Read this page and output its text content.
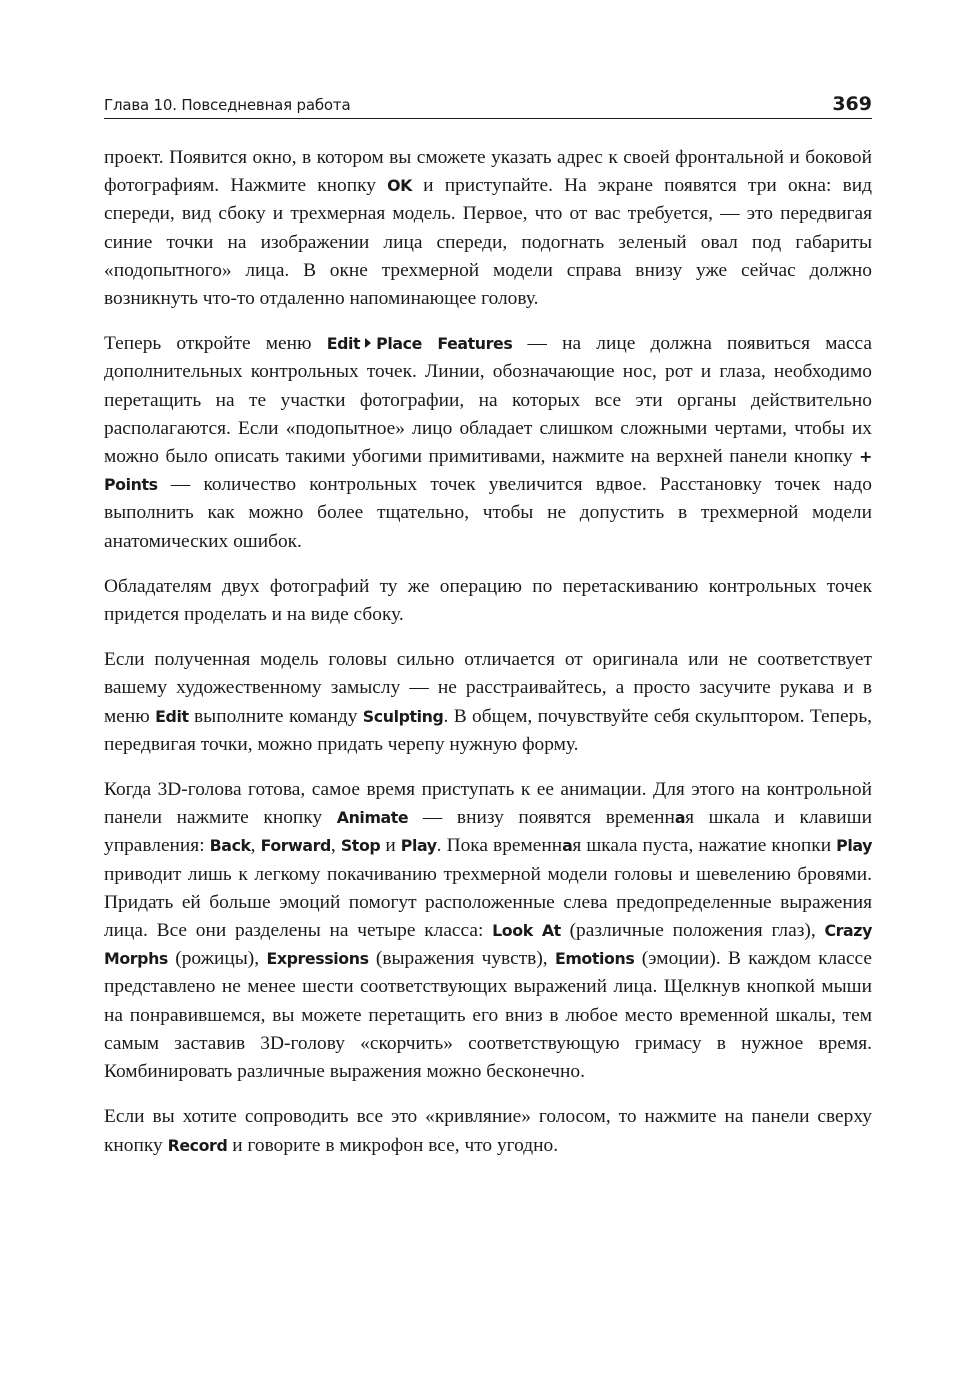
Глава 10. Повседневная работа	369

проект. Появится окно, в котором вы сможете указать адрес к своей фронтальной и боковой фотографиям. Нажмите кнопку OK и приступайте. На экране появятся три окна: вид спереди, вид сбоку и трехмерная модель. Первое, что от вас требуется, — это передвигая синие точки на изображении лица спереди, подогнать зеленый овал под габариты «подопытного» лица. В окне трехмерной модели справа внизу уже сейчас должно возникнуть что-то отдаленно напоминающее голову.

Теперь откройте меню Edit Place Features — на лице должна появиться масса дополнительных контрольных точек. Линии, обозначающие нос, рот и глаза, необходимо перетащить на те участки фотографии, на которых все эти органы действительно располагаются. Если «подопытное» лицо обладает слишком сложными чертами, чтобы их можно было описать такими убогими примитивами, нажмите на верхней панели кнопку + Points — количество контрольных точек увеличится вдвое. Расстановку точек надо выполнить как можно более тщательно, чтобы не допустить в трехмерной модели анатомических ошибок.

Обладателям двух фотографий ту же операцию по перетаскиванию контрольных точек придется проделать и на виде сбоку.

Если полученная модель головы сильно отличается от оригинала или не соответствует вашему художественному замыслу — не расстраивайтесь, а просто засучите рукава и в меню Edit выполните команду Sculpting. В общем, почувствуйте себя скульптором. Теперь, передвигая точки, можно придать черепу нужную форму.

Когда 3D-голова готова, самое время приступать к ее анимации. Для этого на контрольной панели нажмите кнопку Animate — внизу появятся временная шкала и клавиши управления: Back, Forward, Stop и Play. Пока временная шкала пуста, нажатие кнопки Play приводит лишь к легкому покачиванию трехмерной модели головы и шевелению бровями. Придать ей больше эмоций помогут расположенные слева предопределенные выражения лица. Все они разделены на четыре класса: Look At (различные положения глаз), Crazy Morphs (рожицы), Expressions (выражения чувств), Emotions (эмоции). В каждом классе представлено не менее шести соответствующих выражений лица. Щелкнув кнопкой мыши на понравившемся, вы можете перетащить его вниз в любое место временной шкалы, тем самым заставив 3D-голову «скорчить» соответствующую гримасу в нужное время. Комбинировать различные выражения можно бесконечно.

Если вы хотите сопроводить все это «кривляние» голосом, то нажмите на панели сверху кнопку Record и говорите в микрофон все, что угодно.
